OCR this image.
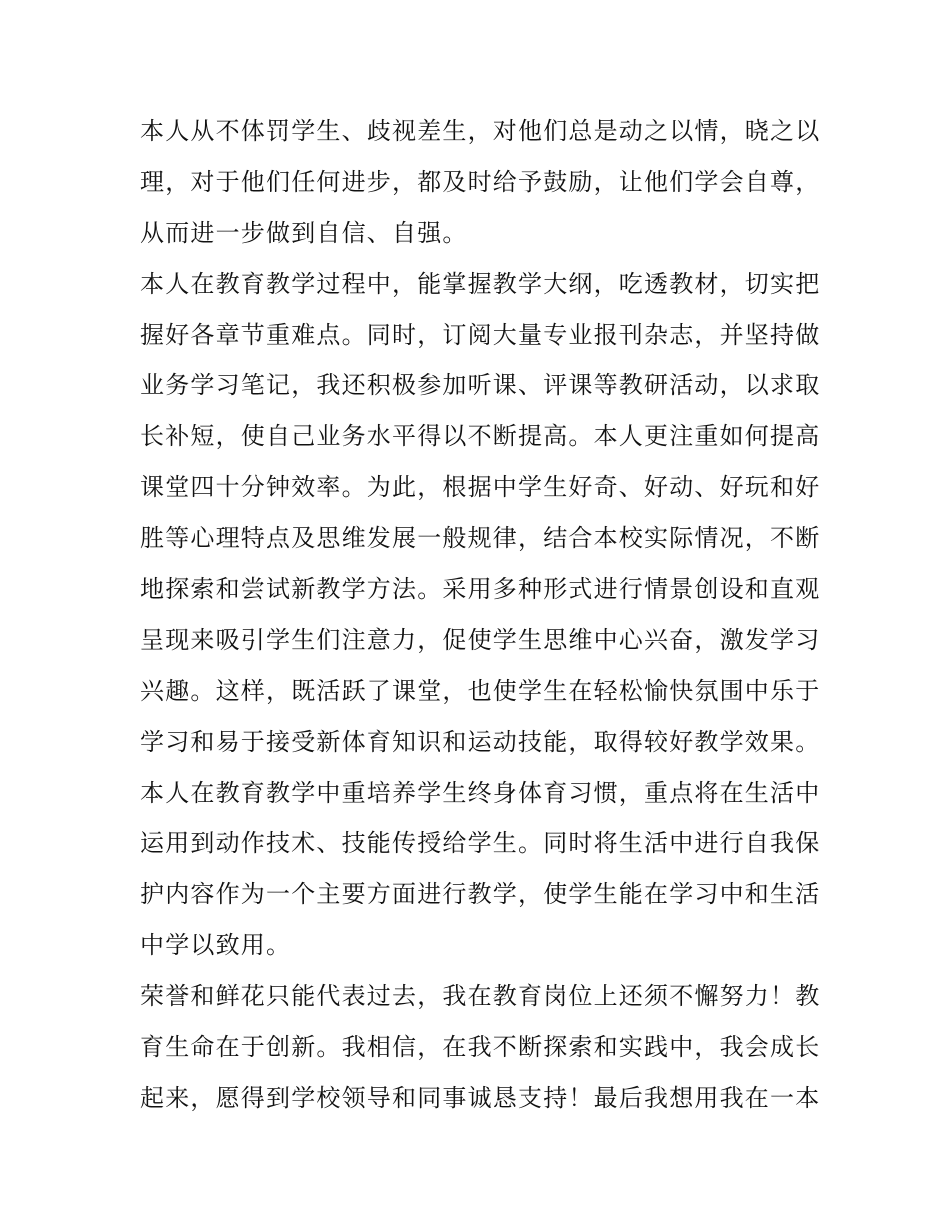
本人从不体罚学生、歧视差生，对他们总是动之以情，晓之以
理，对于他们任何进步，都及时给予鼓励，让他们学会自尊，
从而进一步做到自信、自强。
本人在教育教学过程中，能掌握教学大纲，吃透教材，切实把
握好各章节重难点。同时，订阅大量专业报刊杂志，并坚持做
业务学习笔记，我还积极参加听课、评课等教研活动，以求取
长补短，使自己业务水平得以不断提高。本人更注重如何提高
课堂四十分钟效率。为此，根据中学生好奇、好动、好玩和好
胜等心理特点及思维发展一般规律，结合本校实际情况，不断
地探索和尝试新教学方法。采用多种形式进行情景创设和直观
呈现来吸引学生们注意力，促使学生思维中心兴奋，激发学习
兴趣。这样，既活跃了课堂，也使学生在轻松愉快氛围中乐于
学习和易于接受新体育知识和运动技能，取得较好教学效果。
本人在教育教学中重培养学生终身体育习惯，重点将在生活中
运用到动作技术、技能传授给学生。同时将生活中进行自我保
护内容作为一个主要方面进行教学，使学生能在学习中和生活
中学以致用。
荣誉和鲜花只能代表过去，我在教育岗位上还须不懈努力！教
育生命在于创新。我相信，在我不断探索和实践中，我会成长
起来，愿得到学校领导和同事诚恳支持！最后我想用我在一本
